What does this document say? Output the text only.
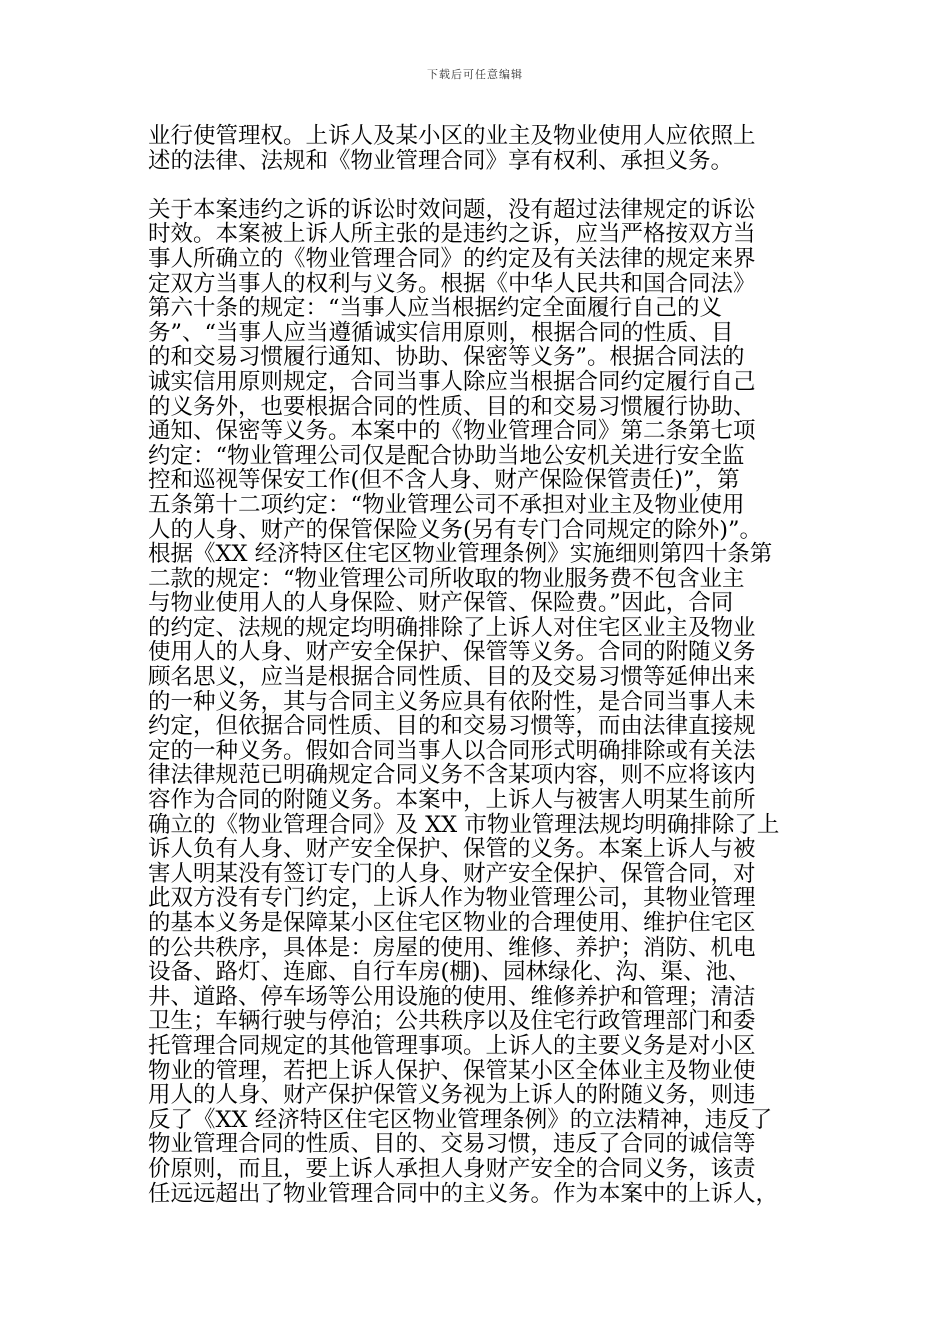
下载后可任意编辑
业行使管理权。上诉人及某小区的业主及物业使用人应依照上
述的法律、法规和《物业管理合同》享有权利、承担义务。
关于本案违约之诉的诉讼时效问题，没有超过法律规定的诉讼
时效。本案被上诉人所主张的是违约之诉，应当严格按双方当
事人所确立的《物业管理合同》的约定及有关法律的规定来界
定双方当事人的权利与义务。根据《中华人民共和国合同法》
第六十条的规定：“当事人应当根据约定全面履行自己的义
务”、“当事人应当遵循诚实信用原则，根据合同的性质、目
的和交易习惯履行通知、协助、保密等义务”。根据合同法的
诚实信用原则规定，合同当事人除应当根据合同约定履行自己
的义务外，也要根据合同的性质、目的和交易习惯履行协助、
通知、保密等义务。本案中的《物业管理合同》第二条第七项
约定：“物业管理公司仅是配合协助当地公安机关进行安全监
控和巡视等保安工作(但不含人身、财产保险保管责任)”，第
五条第十二项约定：“物业管理公司不承担对业主及物业使用
人的人身、财产的保管保险义务(另有专门合同规定的除外)”。
根据《XX 经济特区住宅区物业管理条例》实施细则第四十条第
二款的规定：“物业管理公司所收取的物业服务费不包含业主
与物业使用人的人身保险、财产保管、保险费。”因此，合同
的约定、法规的规定均明确排除了上诉人对住宅区业主及物业
使用人的人身、财产安全保护、保管等义务。合同的附随义务
顾名思义，应当是根据合同性质、目的及交易习惯等延伸出来
的一种义务，其与合同主义务应具有依附性，是合同当事人未
约定，但依据合同性质、目的和交易习惯等，而由法律直接规
定的一种义务。假如合同当事人以合同形式明确排除或有关法
律法律规范已明确规定合同义务不含某项内容，则不应将该内
容作为合同的附随义务。本案中，上诉人与被害人明某生前所
确立的《物业管理合同》及 XX 市物业管理法规均明确排除了上
诉人负有人身、财产安全保护、保管的义务。本案上诉人与被
害人明某没有签订专门的人身、财产安全保护、保管合同，对
此双方没有专门约定，上诉人作为物业管理公司，其物业管理
的基本义务是保障某小区住宅区物业的合理使用、维护住宅区
的公共秩序，具体是：房屋的使用、维修、养护；消防、机电
设备、路灯、连廊、自行车房(棚)、园林绿化、沟、渠、池、
井、道路、停车场等公用设施的使用、维修养护和管理；清洁
卫生；车辆行驶与停泊；公共秩序以及住宅行政管理部门和委
托管理合同规定的其他管理事项。上诉人的主要义务是对小区
物业的管理，若把上诉人保护、保管某小区全体业主及物业使
用人的人身、财产保护保管义务视为上诉人的附随义务，则违
反了《XX 经济特区住宅区物业管理条例》的立法精神，违反了
物业管理合同的性质、目的、交易习惯，违反了合同的诚信等
价原则，而且，要上诉人承担人身财产安全的合同义务，该责
任远远超出了物业管理合同中的主义务。作为本案中的上诉人，
